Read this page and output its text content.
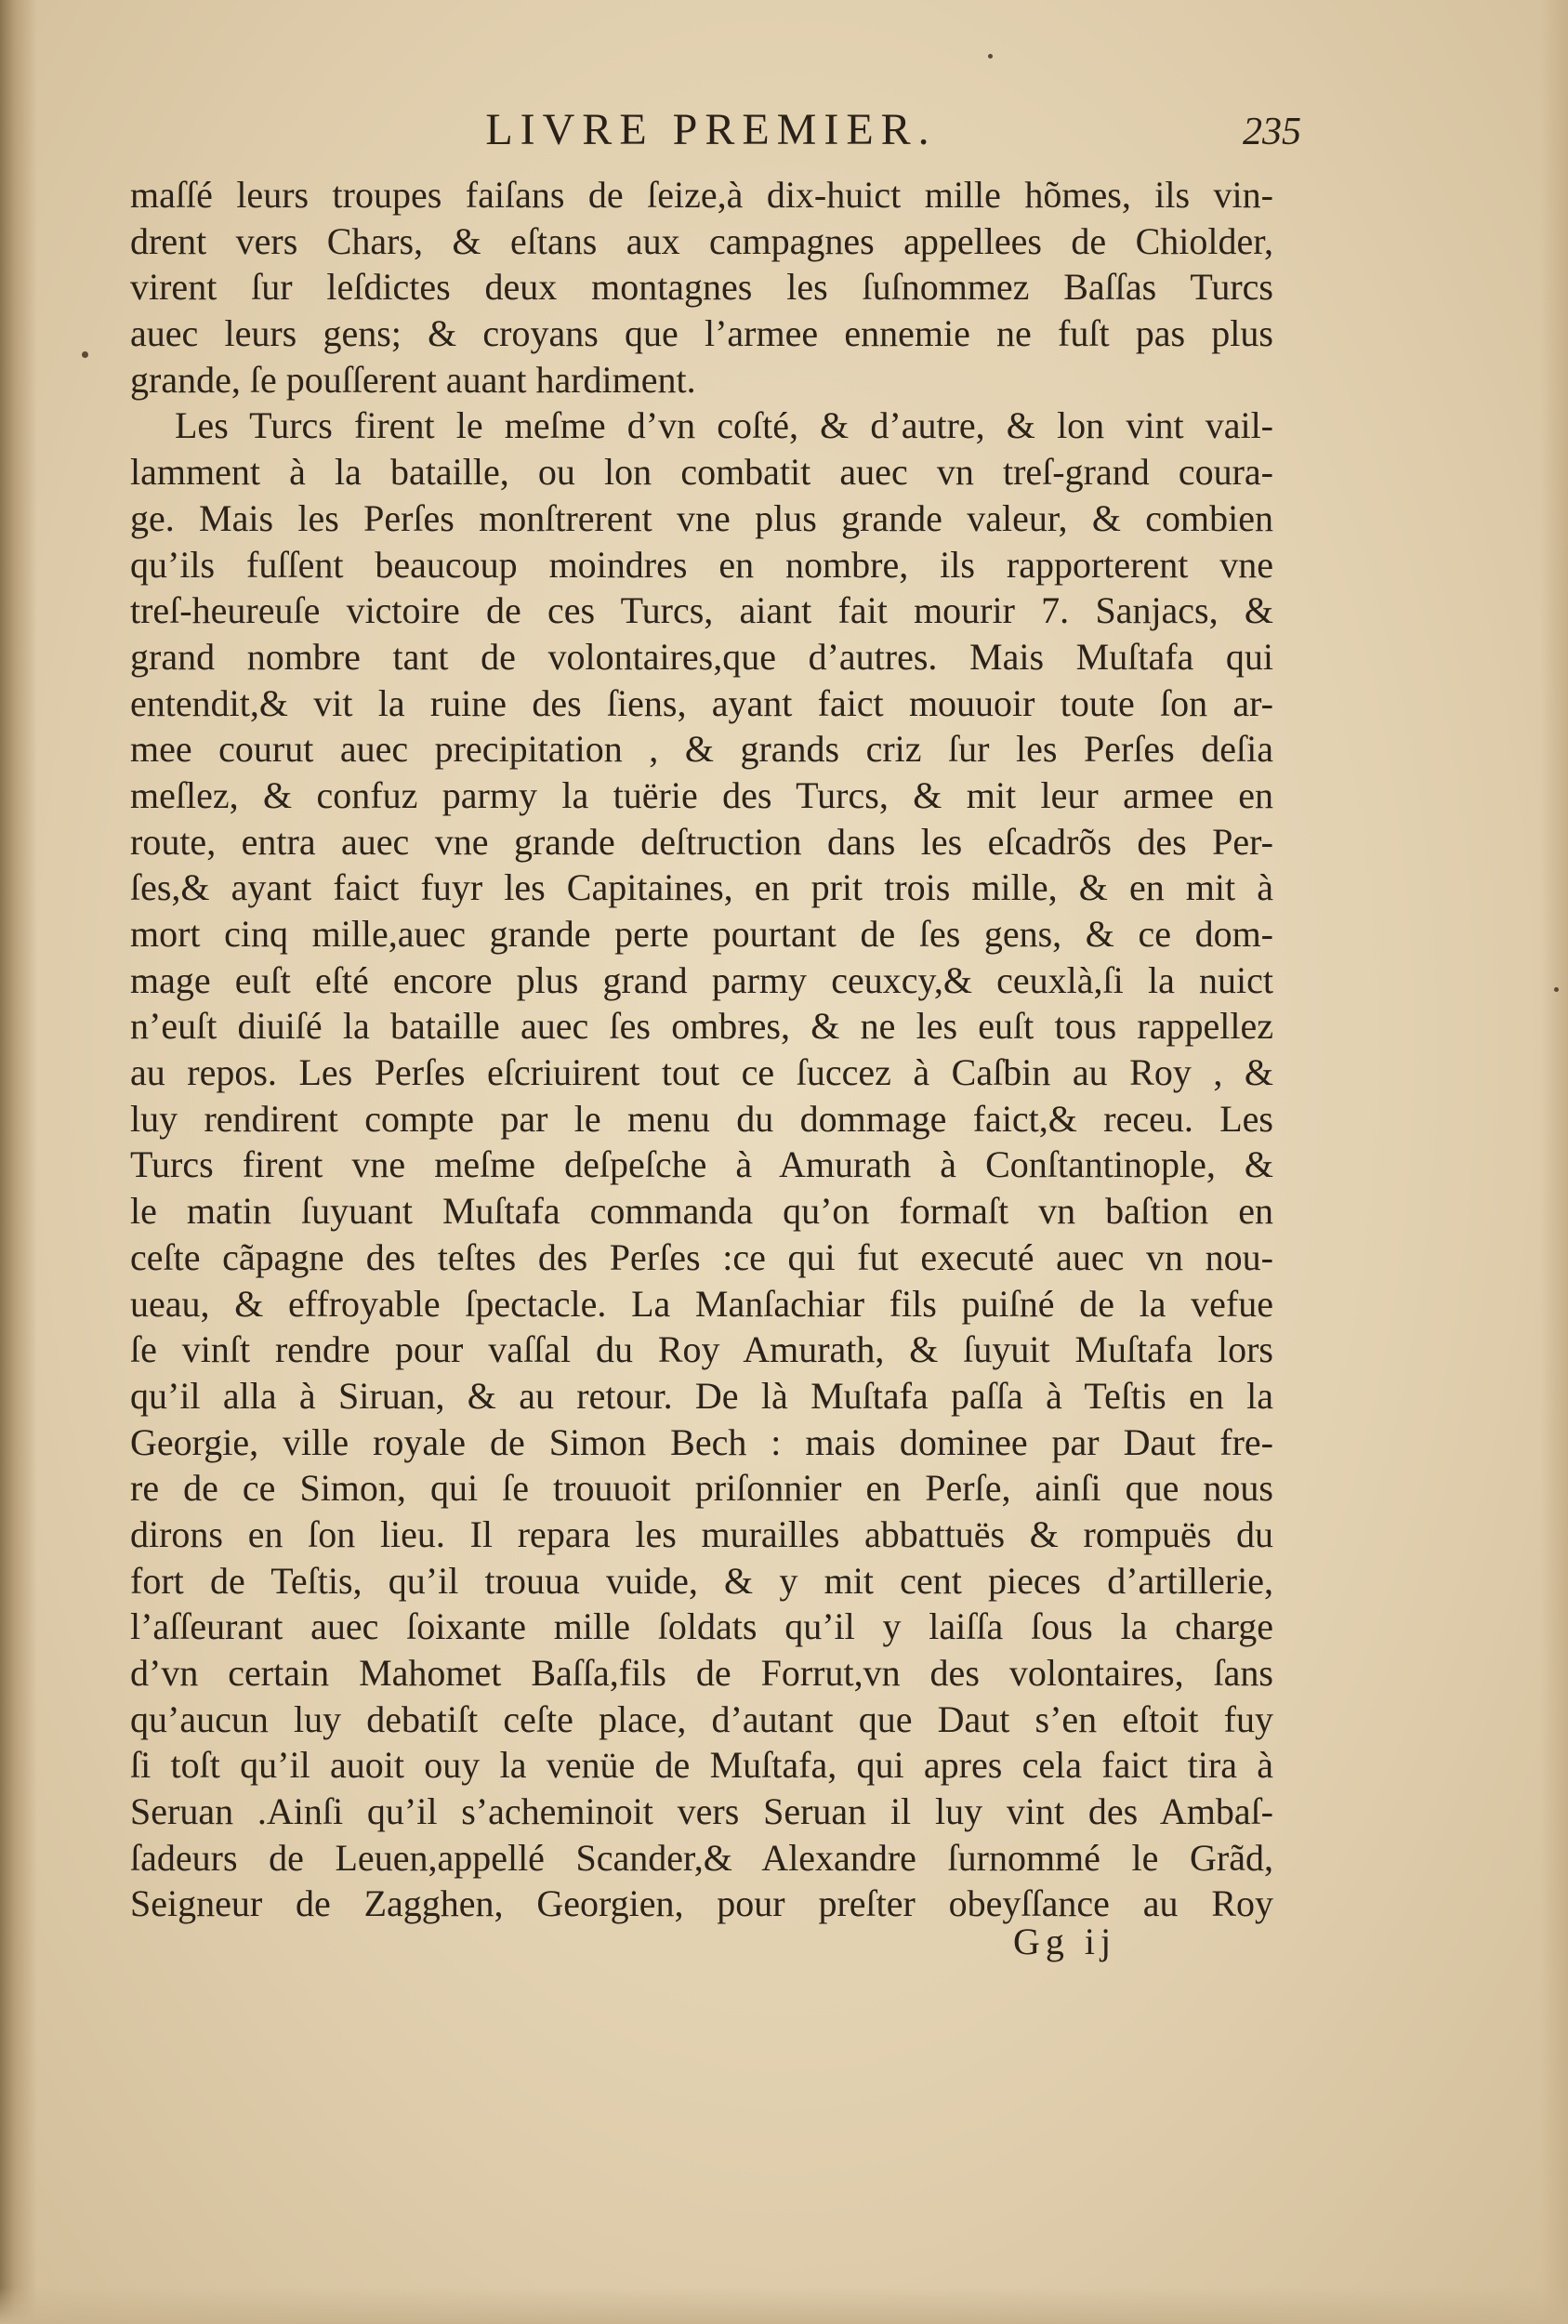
LIVRE PREMIER.	235
maſſé leurs troupes faiſans de ſeize,à dix-huict mille hõmes, ils vin-
drent vers Chars, & eſtans aux campagnes appellees de Chiolder,
virent ſur leſdictes deux montagnes les ſuſnommez Baſſas Turcs
auec leurs gens; & croyans que l’armee ennemie ne fuſt pas plus
grande, ſe pouſſerent auant hardiment.
Les Turcs firent le meſme d’vn coſté, & d’autre, & lon vint vail-
lamment à la bataille, ou lon combatit auec vn treſ-grand coura-
ge. Mais les Perſes monſtrerent vne plus grande valeur, & combien
qu’ils fuſſent beaucoup moindres en nombre, ils rapporterent vne
treſ-heureuſe victoire de ces Turcs, aiant fait mourir 7. Sanjacs, &
grand nombre tant de volontaires,que d’autres. Mais Muſtafa qui
entendit,& vit la ruine des ſiens, ayant faict mouuoir toute ſon ar-
mee courut auec precipitation , & grands criz ſur les Perſes deſia
meſlez, & confuz parmy la tuërie des Turcs, & mit leur armee en
route, entra auec vne grande deſtruction dans les eſcadrõs des Per-
ſes,& ayant faict fuyr les Capitaines, en prit trois mille, & en mit à
mort cinq mille,auec grande perte pourtant de ſes gens, & ce dom-
mage euſt eſté encore plus grand parmy ceuxcy,& ceuxlà,ſi la nuict
n’euſt diuiſé la bataille auec ſes ombres, & ne les euſt tous rappellez
au repos. Les Perſes eſcriuirent tout ce ſuccez à Caſbin au Roy , &
luy rendirent compte par le menu du dommage faict,& receu. Les
Turcs firent vne meſme deſpeſche à Amurath à Conſtantinople, &
le matin ſuyuant Muſtafa commanda qu’on formaſt vn baſtion en
ceſte cãpagne des teſtes des Perſes :ce qui fut executé auec vn nou-
ueau, & effroyable ſpectacle. La Manſachiar fils puiſné de la vefue
ſe vinſt rendre pour vaſſal du Roy Amurath, & ſuyuit Muſtafa lors
qu’il alla à Siruan, & au retour. De là Muſtafa paſſa à Teſtis en la
Georgie, ville royale de Simon Bech : mais dominee par Daut fre-
re de ce Simon, qui ſe trouuoit priſonnier en Perſe, ainſi que nous
dirons en ſon lieu. Il repara les murailles abbattuës & rompuës du
fort de Teſtis, qu’il trouua vuide, & y mit cent pieces d’artillerie,
l’aſſeurant auec ſoixante mille ſoldats qu’il y laiſſa ſous la charge
d’vn certain Mahomet Baſſa,fils de Forrut,vn des volontaires, ſans
qu’aucun luy debatiſt ceſte place, d’autant que Daut s’en eſtoit fuy
ſi toſt qu’il auoit ouy la venüe de Muſtafa, qui apres cela faict tira à
Seruan .Ainſi qu’il s’acheminoit vers Seruan il luy vint des Ambaſ-
ſadeurs de Leuen,appellé Scander,& Alexandre ſurnommé le Grãd,
Seigneur de Zagghen, Georgien, pour preſter obeyſſance au Roy
Gg ij
